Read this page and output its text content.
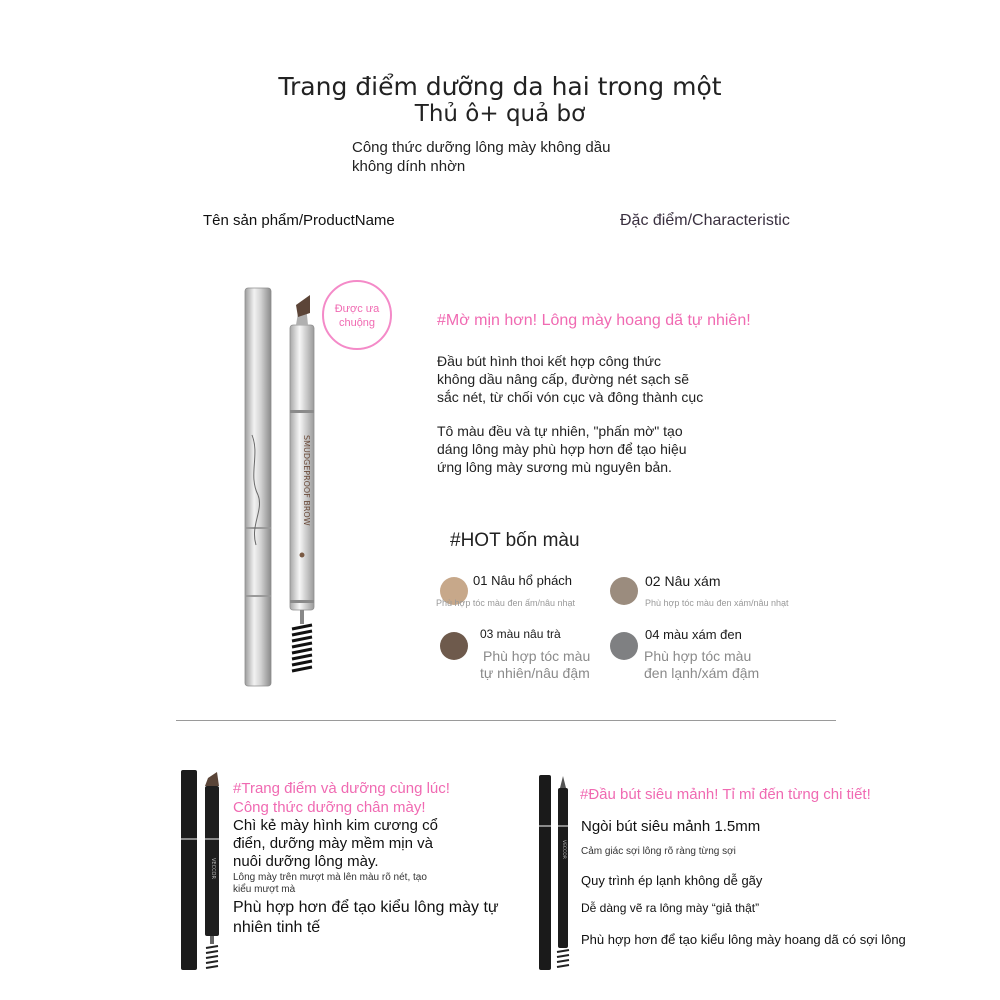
Trang điểm dưỡng da hai trong một
Thủ ô+ quả bơ
Công thức dưỡng lông mày không dầu
không dính nhờn
Tên sản phẩm/ProductName	Đặc điểm/Characteristic
SMUDGEPROOF BROW
Được ưa
chuộng	#Mờ mịn hơn! Lông mày hoang dã tự nhiên!
Đầu bút hình thoi kết hợp công thức
không dầu nâng cấp, đường nét sạch sẽ
sắc nét, từ chối vón cục và đông thành cục
Tô màu đều và tự nhiên, "phấn mờ" tạo
dáng lông mày phù hợp hơn để tạo hiệu
ứng lông mày sương mù nguyên bản.
#HOT bốn màu
01 Nâu hổ phách
Phù hợp tóc màu đen ấm/nâu nhạt
02 Nâu xám
Phù hợp tóc màu đen xám/nâu nhạt
03 màu nâu trà
Phù hợp tóc màu
tự nhiên/nâu đậm
04 màu xám đen
Phù hợp tóc màu
đen lạnh/xám đậm
VECCOR
#Trang điểm và dưỡng cùng lúc!
Công thức dưỡng chân mày!
Chì kẻ mày hình kim cương cổ
điển, dưỡng mày mềm mịn và
nuôi dưỡng lông mày.
Lông mày trên mượt mà lên màu rõ nét, tạo
kiểu mượt mà
Phù hợp hơn để tạo kiểu lông mày tự
nhiên tinh tế
VECCOR
#Đầu bút siêu mảnh! Tỉ mỉ đến từng chi tiết!
Ngòi bút siêu mảnh 1.5mm
Cảm giác sợi lông rõ ràng từng sợi
Quy trình ép lạnh không dễ gãy
Dễ dàng vẽ ra lông mày “giả thật”
Phù hợp hơn để tạo kiểu lông mày hoang dã có sợi lông
